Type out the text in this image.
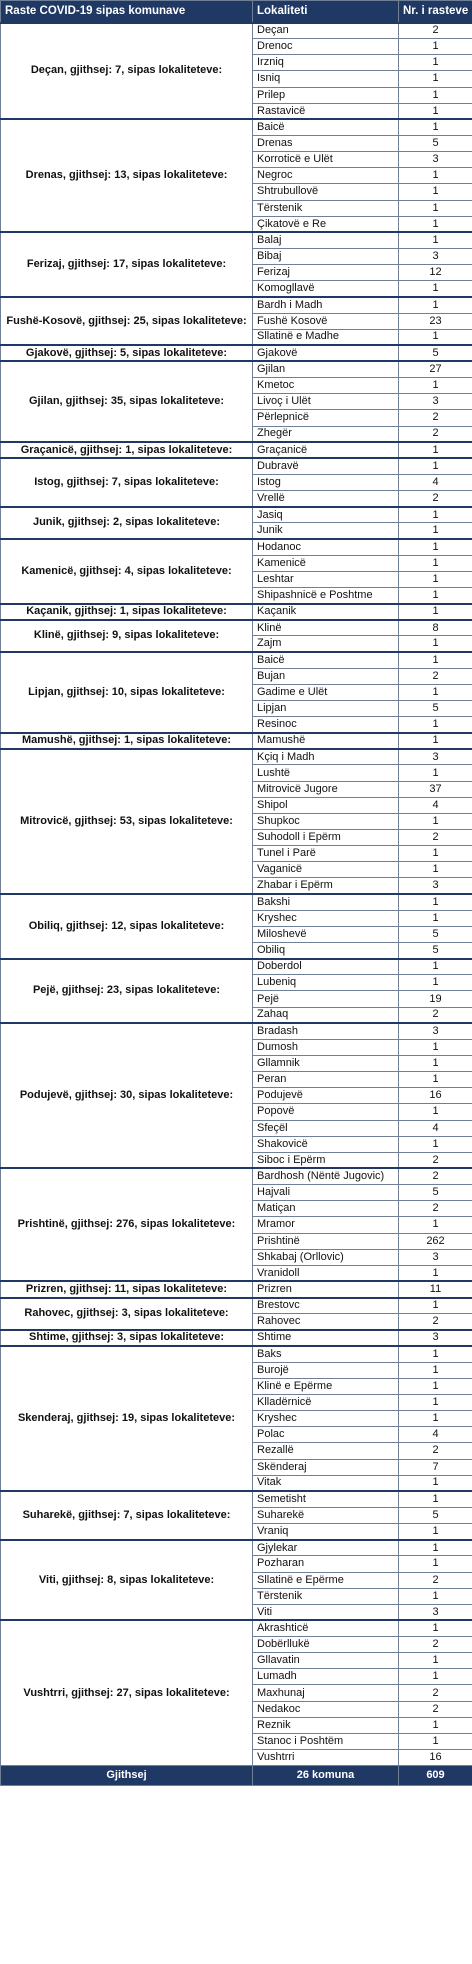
Raste COVID-19 sipas komunave	Lokaliteti	Nr. i rasteve
Deçan, gjithsej: 7, sipas lokaliteteve:	Deçan	2
	Drenoc	1
	Irzniq	1
	Isniq	1
	Prilep	1
	Rastavicë	1
Drenas, gjithsej: 13, sipas lokaliteteve:	Baicë	1
	Drenas	5
	Korroticë e Ulët	3
	Negroc	1
	Shtrubullovë	1
	Tërstenik	1
	Çikatovë e Re	1
Ferizaj, gjithsej: 17, sipas lokaliteteve:	Balaj	1
	Bibaj	3
	Ferizaj	12
	Komogllavë	1
Fushë-Kosovë, gjithsej: 25, sipas lokaliteteve:	Bardh i Madh	1
	Fushë Kosovë	23
	Sllatinë e Madhe	1
Gjakovë, gjithsej: 5, sipas lokaliteteve:	Gjakovë	5
Gjilan, gjithsej: 35, sipas lokaliteteve:	Gjilan	27
	Kmetoc	1
	Livoç i Ulët	3
	Përlepnicë	2
	Zhegër	2
Graçanicë, gjithsej: 1, sipas lokaliteteve:	Graçanicë	1
Istog, gjithsej: 7, sipas lokaliteteve:	Dubravë	1
	Istog	4
	Vrellë	2
Junik, gjithsej: 2, sipas lokaliteteve:	Jasiq	1
	Junik	1
Kamenicë, gjithsej: 4, sipas lokaliteteve:	Hodanoc	1
	Kamenicë	1
	Leshtar	1
	Shipashnicë e Poshtme	1
Kaçanik, gjithsej: 1, sipas lokaliteteve:	Kaçanik	1
Klinë, gjithsej: 9, sipas lokaliteteve:	Klinë	8
	Zajm	1
Lipjan, gjithsej: 10, sipas lokaliteteve:	Baicë	1
	Bujan	2
	Gadime e Ulët	1
	Lipjan	5
	Resinoc	1
Mamushë, gjithsej: 1, sipas lokaliteteve:	Mamushë	1
Mitrovicë, gjithsej: 53, sipas lokaliteteve:	Kçiq i Madh	3
	Lushtë	1
	Mitrovicë Jugore	37
	Shipol	4
	Shupkoc	1
	Suhodoll i Epërm	2
	Tunel i Parë	1
	Vaganicë	1
	Zhabar i Epërm	3
Obiliq, gjithsej: 12, sipas lokaliteteve:	Bakshi	1
	Kryshec	1
	Miloshevë	5
	Obiliq	5
Pejë, gjithsej: 23, sipas lokaliteteve:	Doberdol	1
	Lubeniq	1
	Pejë	19
	Zahaq	2
Podujevë, gjithsej: 30, sipas lokaliteteve:	Bradash	3
	Dumosh	1
	Gllamnik	1
	Peran	1
	Podujevë	16
	Popovë	1
	Sfeçël	4
	Shakovicë	1
	Siboc i Epërm	2
Prishtinë, gjithsej: 276, sipas lokaliteteve:	Bardhosh (Nëntë Jugovic)	2
	Hajvali	5
	Matiçan	2
	Mramor	1
	Prishtinë	262
	Shkabaj (Orllovic)	3
	Vranidoll	1
Prizren, gjithsej: 11, sipas lokaliteteve:	Prizren	11
Rahovec, gjithsej: 3, sipas lokaliteteve:	Brestovc	1
	Rahovec	2
Shtime, gjithsej: 3, sipas lokaliteteve:	Shtime	3
Skenderaj, gjithsej: 19, sipas lokaliteteve:	Baks	1
	Burojë	1
	Klinë e Epërme	1
	Klladërnicë	1
	Kryshec	1
	Polac	4
	Rezallë	2
	Skënderaj	7
	Vitak	1
Suharekë, gjithsej: 7, sipas lokaliteteve:	Semetisht	1
	Suharekë	5
	Vraniq	1
Viti, gjithsej: 8, sipas lokaliteteve:	Gjylekar	1
	Pozharan	1
	Sllatinë e Epërme	2
	Tërstenik	1
	Viti	3
Vushtrri, gjithsej: 27, sipas lokaliteteve:	Akrashticë	1
	Dobërllukë	2
	Gllavatin	1
	Lumadh	1
	Maxhunaj	2
	Nedakoc	2
	Reznik	1
	Stanoc i Poshtëm	1
	Vushtrri	16
Gjithsej	26 komuna	609
